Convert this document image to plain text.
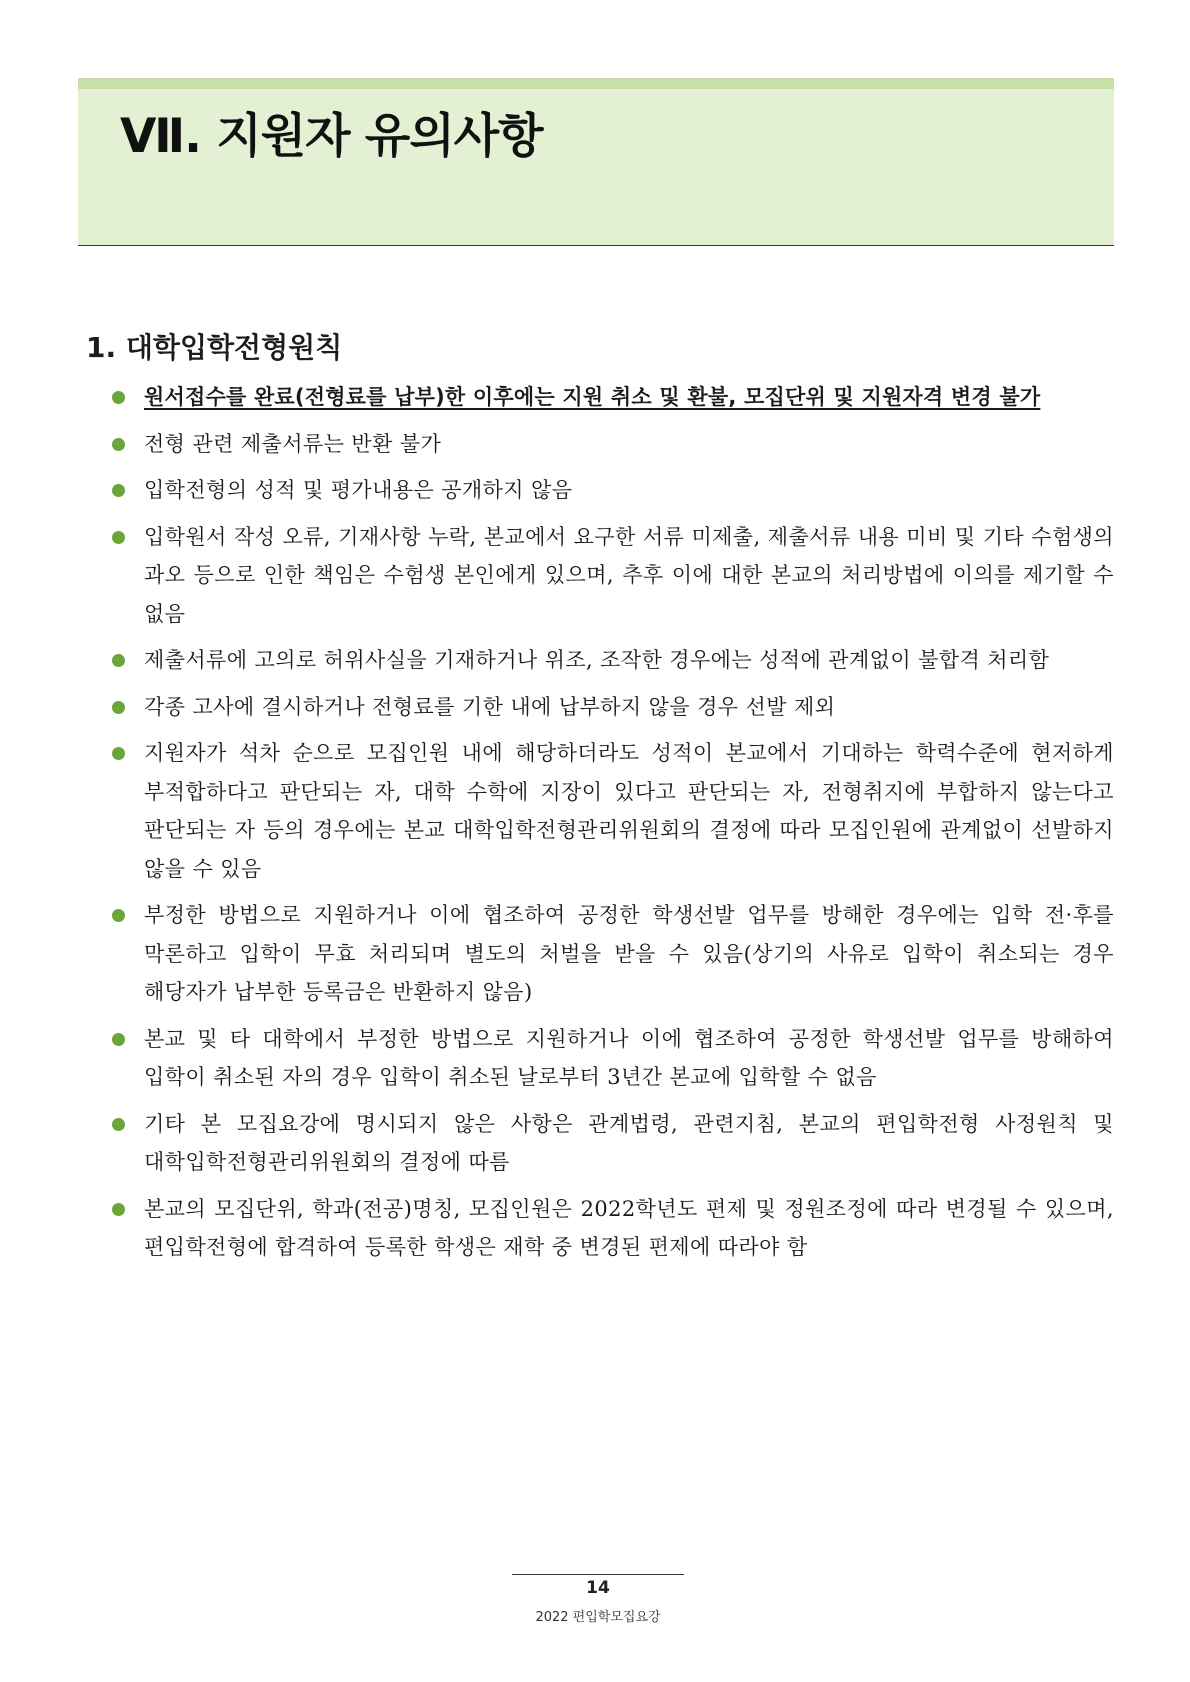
Ⅶ. 지원자 유의사항
1. 대학입학전형원칙
원서접수를 완료(전형료를 납부)한 이후에는 지원 취소 및 환불, 모집단위 및 지원자격 변경 불가
전형 관련 제출서류는 반환 불가
입학전형의 성적 및 평가내용은 공개하지 않음
입학원서 작성 오류, 기재사항 누락, 본교에서 요구한 서류 미제출, 제출서류 내용 미비 및 기타 수험생의 과오 등으로 인한 책임은 수험생 본인에게 있으며, 추후 이에 대한 본교의 처리방법에 이의를 제기할 수 없음
제출서류에 고의로 허위사실을 기재하거나 위조, 조작한 경우에는 성적에 관계없이 불합격 처리함
각종 고사에 결시하거나 전형료를 기한 내에 납부하지 않을 경우 선발 제외
지원자가 석차 순으로 모집인원 내에 해당하더라도 성적이 본교에서 기대하는 학력수준에 현저하게 부적합하다고 판단되는 자, 대학 수학에 지장이 있다고 판단되는 자, 전형취지에 부합하지 않는다고 판단되는 자 등의 경우에는 본교 대학입학전형관리위원회의 결정에 따라 모집인원에 관계없이 선발하지 않을 수 있음
부정한 방법으로 지원하거나 이에 협조하여 공정한 학생선발 업무를 방해한 경우에는 입학 전·후를 막론하고 입학이 무효 처리되며 별도의 처벌을 받을 수 있음(상기의 사유로 입학이 취소되는 경우 해당자가 납부한 등록금은 반환하지 않음)
본교 및 타 대학에서 부정한 방법으로 지원하거나 이에 협조하여 공정한 학생선발 업무를 방해하여 입학이 취소된 자의 경우 입학이 취소된 날로부터 3년간 본교에 입학할 수 없음
기타 본 모집요강에 명시되지 않은 사항은 관계법령, 관련지침, 본교의 편입학전형 사정원칙 및 대학입학전형관리위원회의 결정에 따름
본교의 모집단위, 학과(전공)명칭, 모집인원은 2022학년도 편제 및 정원조정에 따라 변경될 수 있으며, 편입학전형에 합격하여 등록한 학생은 재학 중 변경된 편제에 따라야 함
14
2022 편입학모집요강
